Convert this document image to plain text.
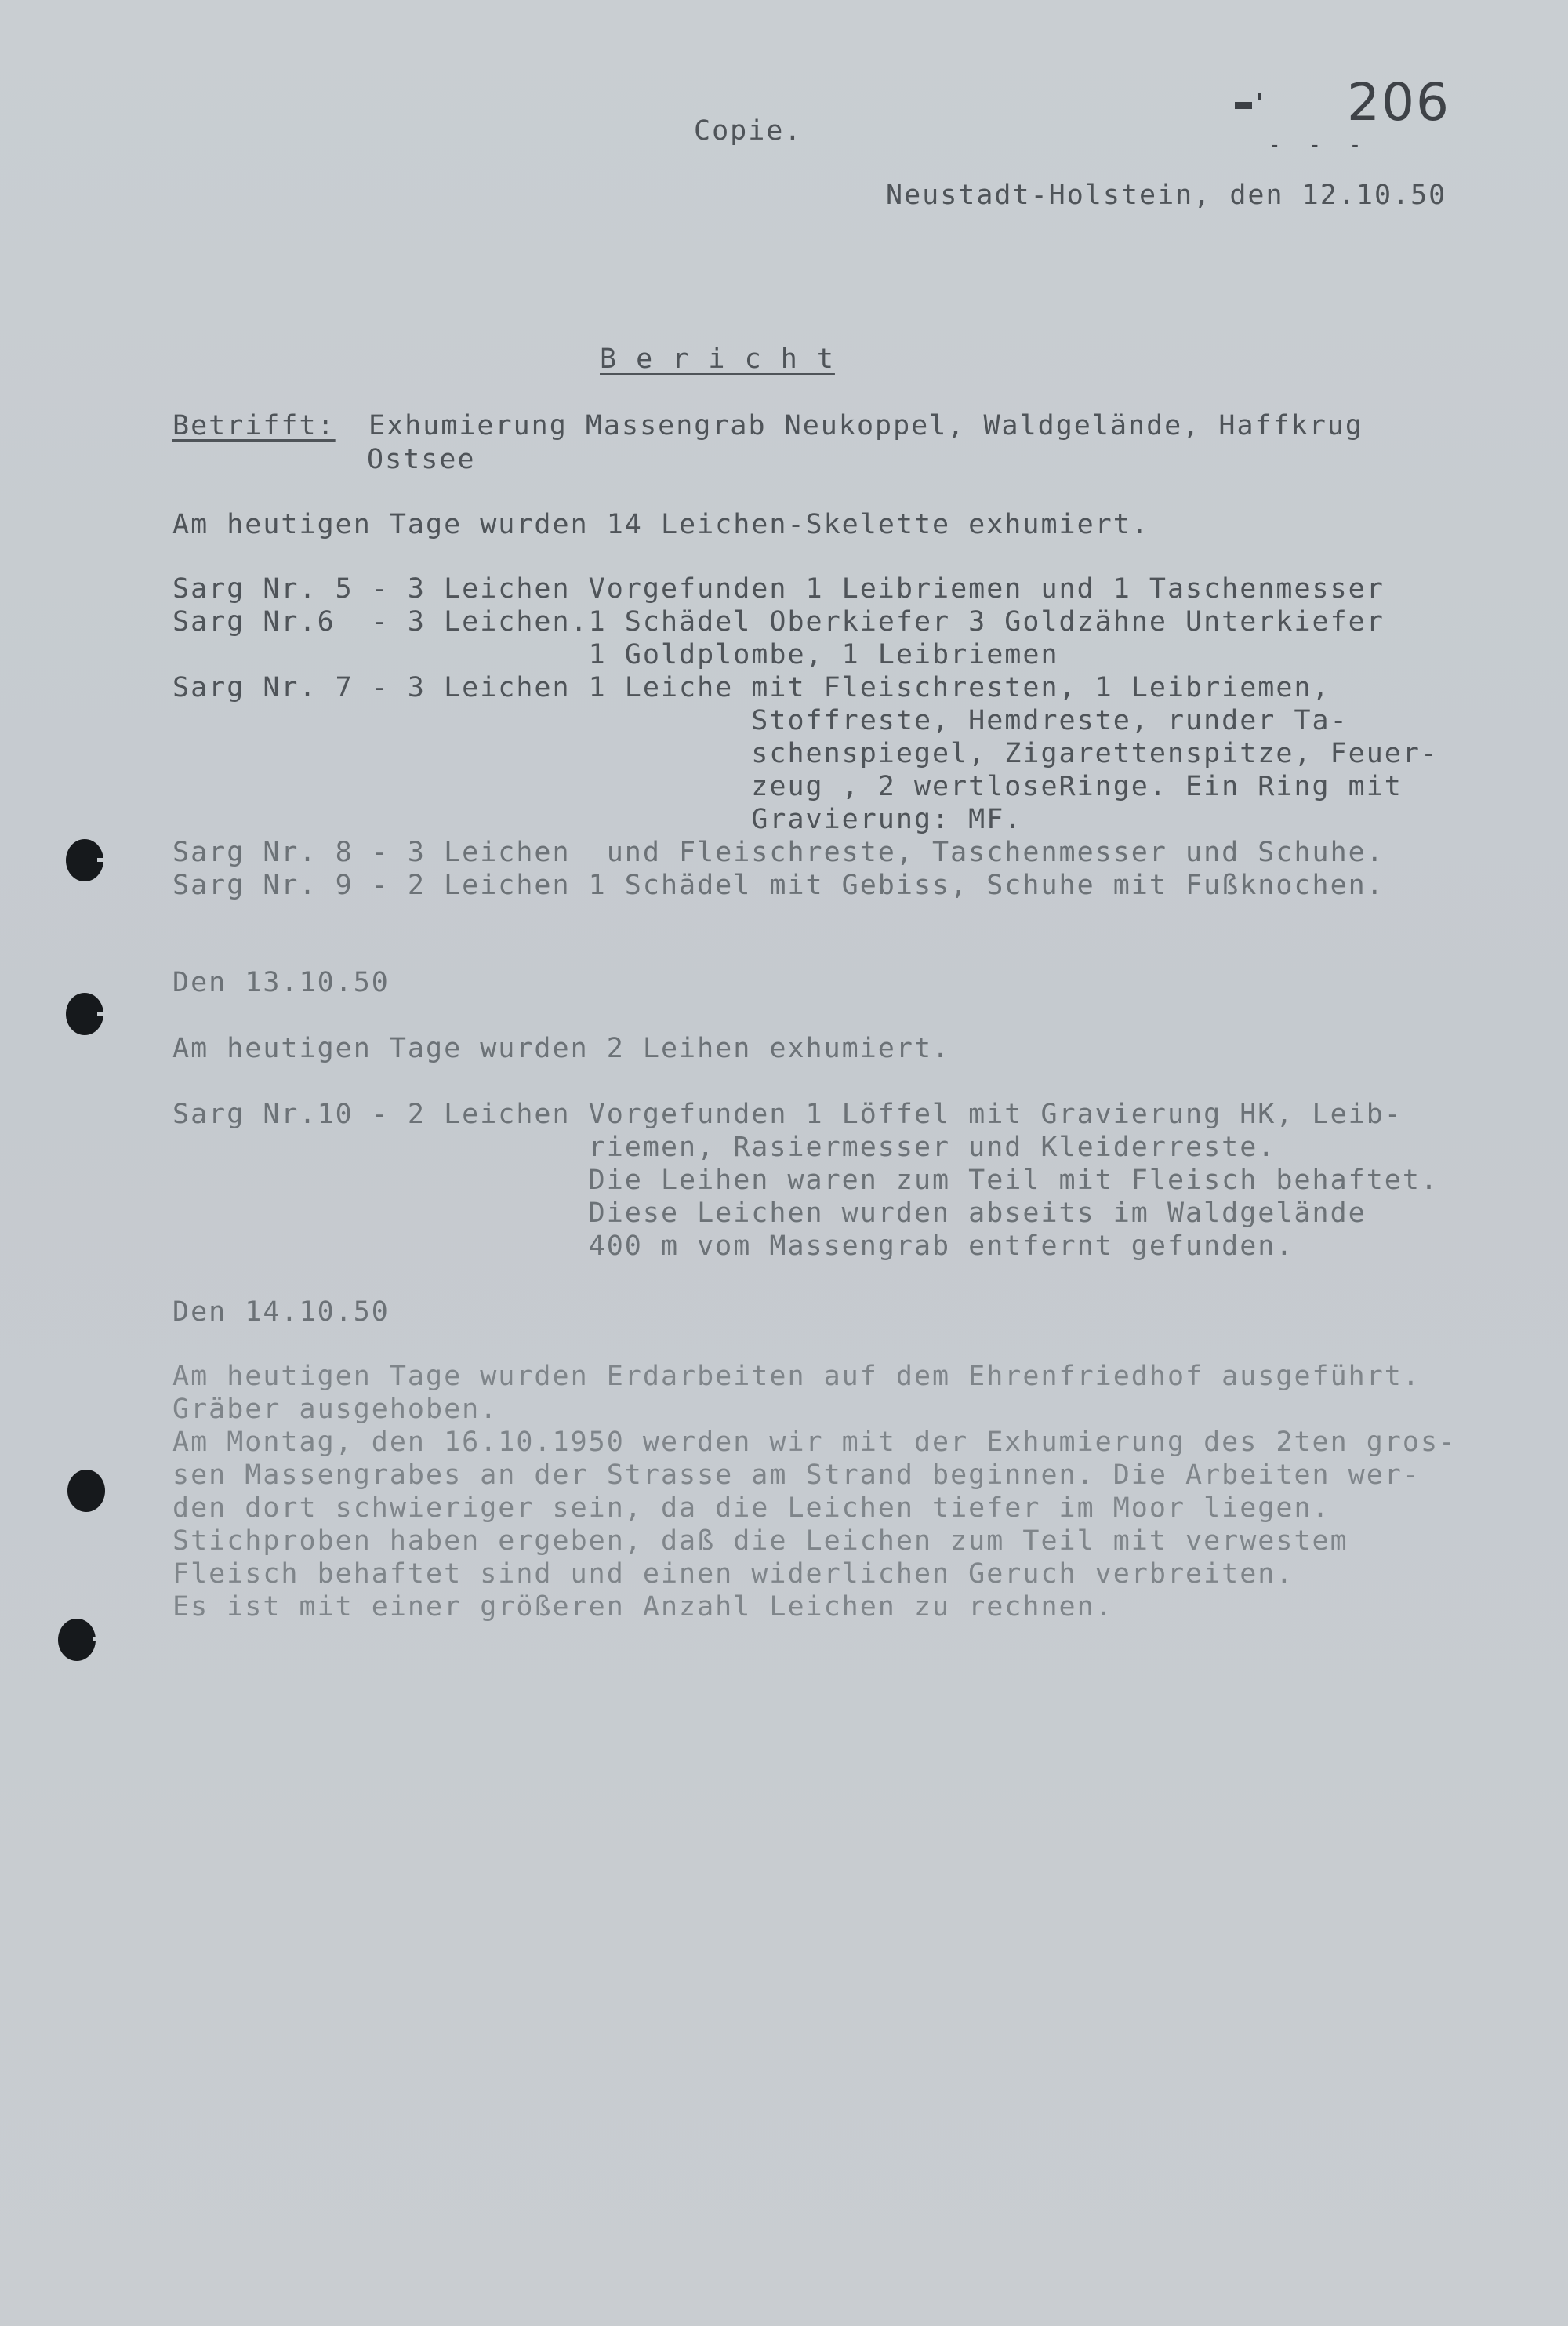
Copie.	206

- - -

Neustadt-Holstein, den 12.10.50

B e r i c h t

Betrifft: Exhumierung Massengrab Neukoppel, Waldgelände, Haffkrug

Ostsee

Am heutigen Tage wurden 14 Leichen-Skelette exhumiert.

Sarg Nr. 5 - 3 Leichen Vorgefunden 1 Leibriemen und 1 Taschenmesser

Sarg Nr.6  - 3 Leichen.1 Schädel Oberkiefer 3 Goldzähne Unterkiefer

1 Goldplombe, 1 Leibriemen

Sarg Nr. 7 - 3 Leichen 1 Leiche mit Fleischresten, 1 Leibriemen,

Stoffreste, Hemdreste, runder Ta-

schenspiegel, Zigarettenspitze, Feuer-

zeug , 2 wertloseRinge. Ein Ring mit

Gravierung: MF.

Sarg Nr. 8 - 3 Leichen  und Fleischreste, Taschenmesser und Schuhe.

Sarg Nr. 9 - 2 Leichen 1 Schädel mit Gebiss, Schuhe mit Fußknochen.

Den 13.10.50

Am heutigen Tage wurden 2 Leihen exhumiert.

Sarg Nr.10 - 2 Leichen Vorgefunden 1 Löffel mit Gravierung HK, Leib-

riemen, Rasiermesser und Kleiderreste.

Die Leihen waren zum Teil mit Fleisch behaftet.

Diese Leichen wurden abseits im Waldgelände

400 m vom Massengrab entfernt gefunden.

Den 14.10.50

Am heutigen Tage wurden Erdarbeiten auf dem Ehrenfriedhof ausgeführt.

Gräber ausgehoben.

Am Montag, den 16.10.1950 werden wir mit der Exhumierung des 2ten gros-

sen Massengrabes an der Strasse am Strand beginnen. Die Arbeiten wer-

den dort schwieriger sein, da die Leichen tiefer im Moor liegen.

Stichproben haben ergeben, daß die Leichen zum Teil mit verwestem

Fleisch behaftet sind und einen widerlichen Geruch verbreiten.

Es ist mit einer größeren Anzahl Leichen zu rechnen.
